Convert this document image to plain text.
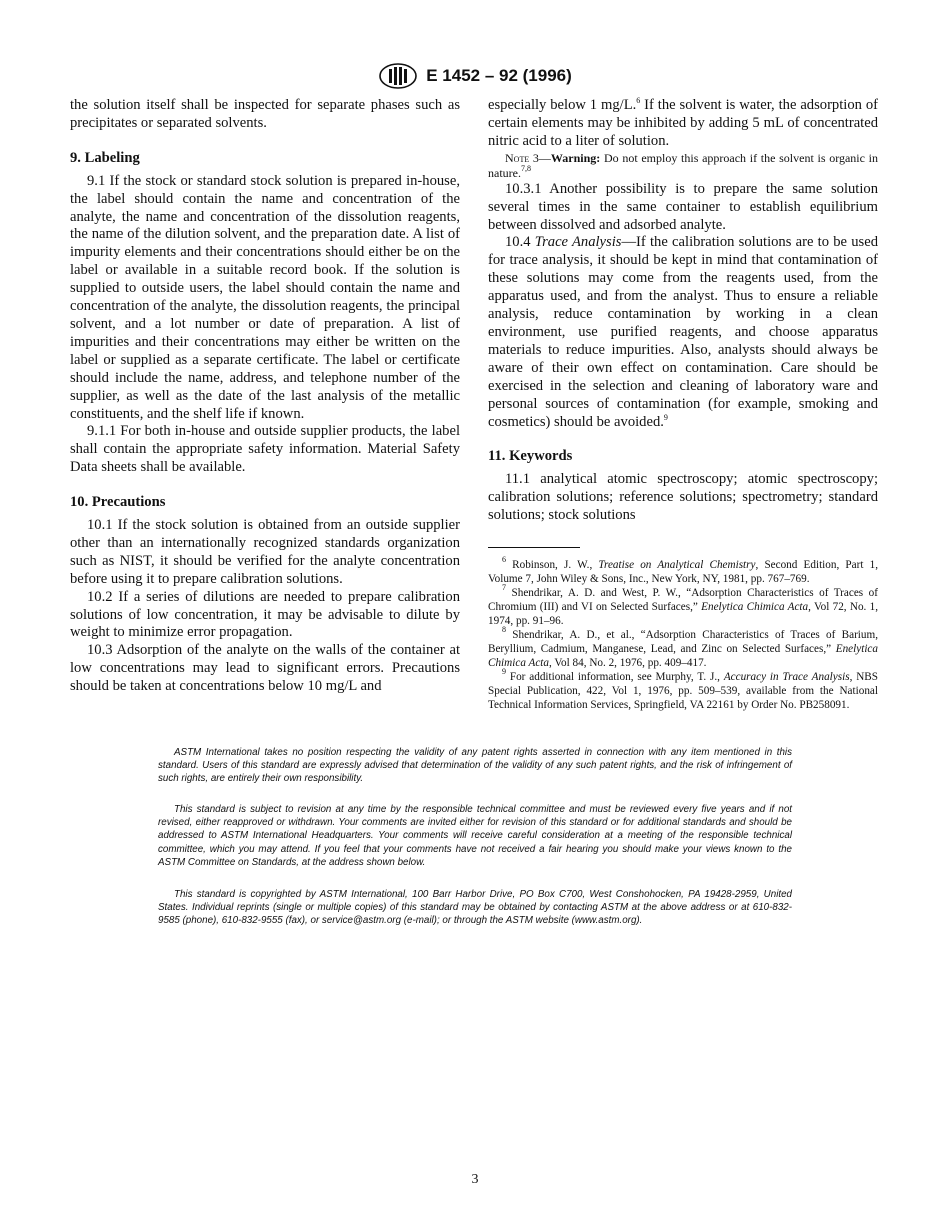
E 1452 – 92 (1996)

the solution itself shall be inspected for separate phases such as precipitates or separated solvents.

9. Labeling

9.1 If the stock or standard stock solution is prepared in-house, the label should contain the name and concentration of the analyte, the name and concentration of the dissolution reagents, the name of the dilution solvent, and the preparation date. A list of impurity elements and their concentrations should either be on the label or available in a suitable record book. If the solution is supplied to outside users, the label should contain the name and concentration of the analyte, the dissolution reagents, the principal solvent, and a lot number or date of preparation. A list of impurities and their concentrations may either be written on the label or supplied as a separate certificate. The label or certificate should include the name, address, and telephone number of the supplier, as well as the date of the last analysis of the metallic constituents, and the shelf life if known.

9.1.1 For both in-house and outside supplier products, the label shall contain the appropriate safety information. Material Safety Data sheets shall be available.

10. Precautions

10.1 If the stock solution is obtained from an outside supplier other than an internationally recognized standards organization such as NIST, it should be verified for the analyte concentration before using it to prepare calibration solutions.

10.2 If a series of dilutions are needed to prepare calibration solutions of low concentration, it may be advisable to dilute by weight to minimize error propagation.

10.3 Adsorption of the analyte on the walls of the container at low concentrations may lead to significant errors. Precautions should be taken at concentrations below 10 mg/L and

especially below 1 mg/L.$^6$ If the solvent is water, the adsorption of certain elements may be inhibited by adding 5 mL of concentrated nitric acid to a liter of solution.

Note 3—Warning: Do not employ this approach if the solvent is organic in nature.$^{7,8}$

10.3.1 Another possibility is to prepare the same solution several times in the same container to establish equilibrium between dissolved and adsorbed analyte.

10.4 Trace Analysis—If the calibration solutions are to be used for trace analysis, it should be kept in mind that contamination of these solutions may come from the reagents used, from the apparatus used, and from the analyst. Thus to ensure a reliable analysis, reduce contamination by working in a clean environment, use purified reagents, and choose apparatus materials to reduce impurities. Also, analysts should always be aware of their own effect on contamination. Care should be exercised in the selection and cleaning of laboratory ware and personal sources of contamination (for example, smoking and cosmetics) should be avoided.$^9$

11. Keywords

11.1 analytical atomic spectroscopy; atomic spectroscopy; calibration solutions; reference solutions; spectrometry; standard solutions; stock solutions

$^6$ Robinson, J. W., Treatise on Analytical Chemistry, Second Edition, Part 1, Volume 7, John Wiley & Sons, Inc., New York, NY, 1981, pp. 767–769.

$^7$ Shendrikar, A. D. and West, P. W., “Adsorption Characteristics of Traces of Chromium (III) and VI on Selected Surfaces,” Enelytica Chimica Acta, Vol 72, No. 1, 1974, pp. 91–96.

$^8$ Shendrikar, A. D., et al., “Adsorption Characteristics of Traces of Barium, Beryllium, Cadmium, Manganese, Lead, and Zinc on Selected Surfaces,” Enelytica Chimica Acta, Vol 84, No. 2, 1976, pp. 409–417.

$^9$ For additional information, see Murphy, T. J., Accuracy in Trace Analysis, NBS Special Publication, 422, Vol 1, 1976, pp. 509–539, available from the National Technical Information Services, Springfield, VA 22161 by Order No. PB258091.

ASTM International takes no position respecting the validity of any patent rights asserted in connection with any item mentioned in this standard. Users of this standard are expressly advised that determination of the validity of any such patent rights, and the risk of infringement of such rights, are entirely their own responsibility.

This standard is subject to revision at any time by the responsible technical committee and must be reviewed every five years and if not revised, either reapproved or withdrawn. Your comments are invited either for revision of this standard or for additional standards and should be addressed to ASTM International Headquarters. Your comments will receive careful consideration at a meeting of the responsible technical committee, which you may attend. If you feel that your comments have not received a fair hearing you should make your views known to the ASTM Committee on Standards, at the address shown below.

This standard is copyrighted by ASTM International, 100 Barr Harbor Drive, PO Box C700, West Conshohocken, PA 19428-2959, United States. Individual reprints (single or multiple copies) of this standard may be obtained by contacting ASTM at the above address or at 610-832-9585 (phone), 610-832-9555 (fax), or service@astm.org (e-mail); or through the ASTM website (www.astm.org).

3
